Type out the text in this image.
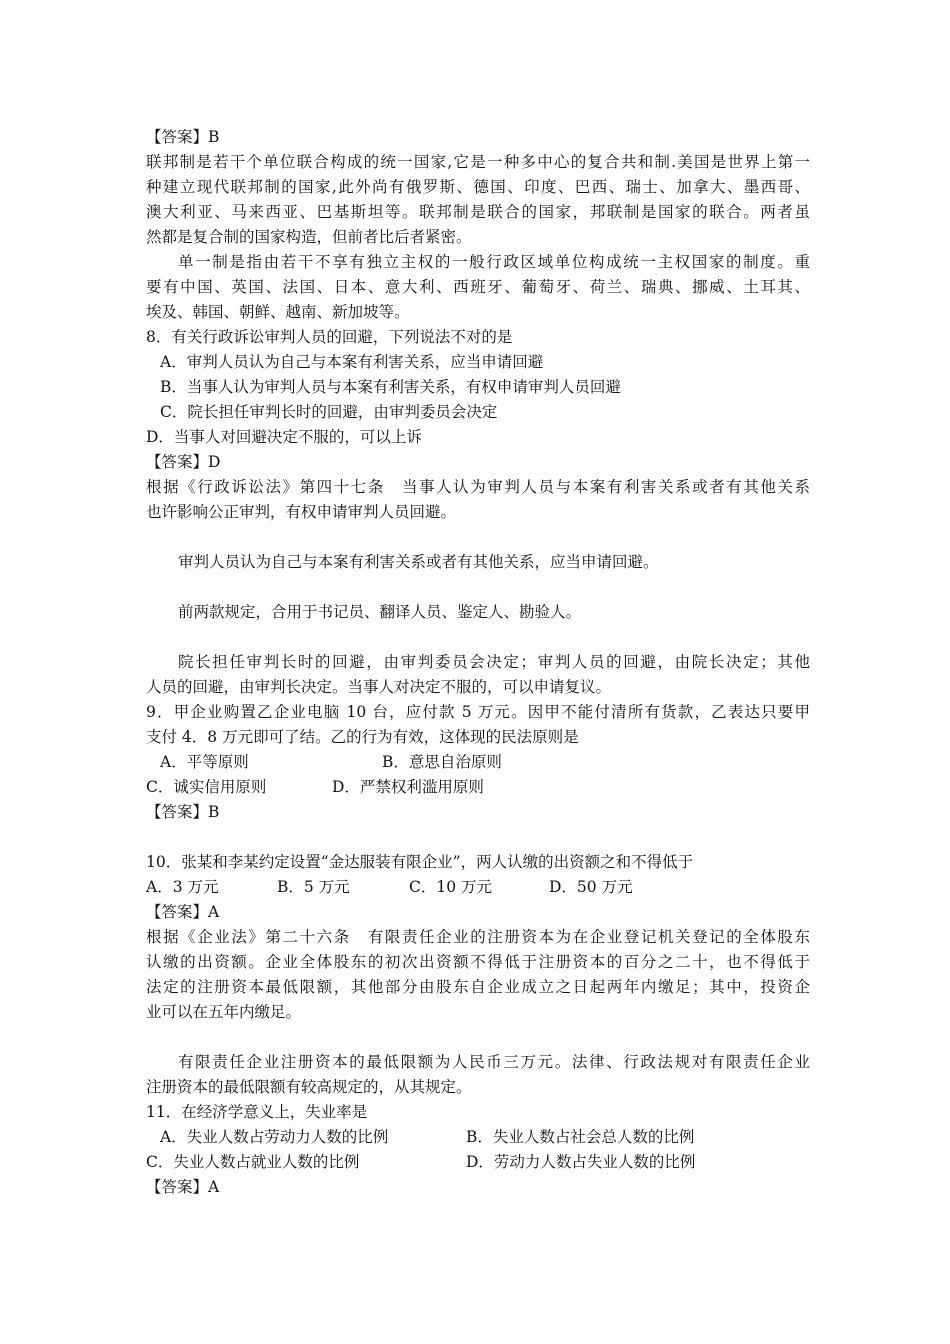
【答案】B
联邦制是若干个单位联合构成的统一国家,它是一种多中心的复合共和制.美国是世界上第一
种建立现代联邦制的国家,此外尚有俄罗斯、德国、印度、巴西、瑞士、加拿大、墨西哥、
澳大利亚、马来西亚、巴基斯坦等。联邦制是联合的国家，邦联制是国家的联合。两者虽
然都是复合制的国家构造，但前者比后者紧密。
单一制是指由若干不享有独立主权的一般行政区域单位构成统一主权国家的制度。重
要有中国、英国、法国、日本、意大利、西班牙、葡萄牙、荷兰、瑞典、挪威、土耳其、
埃及、韩国、朝鲜、越南、新加坡等。
8．有关行政诉讼审判人员的回避，下列说法不对的是
A．审判人员认为自己与本案有利害关系，应当申请回避
B．当事人认为审判人员与本案有利害关系，有权申请审判人员回避
C．院长担任审判长时的回避，由审判委员会决定
D．当事人对回避决定不服的，可以上诉
【答案】D
根据《行政诉讼法》第四十七条　当事人认为审判人员与本案有利害关系或者有其他关系
也许影响公正审判，有权申请审判人员回避。
审判人员认为自己与本案有利害关系或者有其他关系，应当申请回避。
前两款规定，合用于书记员、翻译人员、鉴定人、勘验人。
院长担任审判长时的回避，由审判委员会决定；审判人员的回避，由院长决定；其他
人员的回避，由审判长决定。当事人对决定不服的，可以申请复议。
9．甲企业购置乙企业电脑 10 台，应付款 5 万元。因甲不能付清所有货款，乙表达只要甲
支付 4．8 万元即可了结。乙的行为有效，这体现的民法原则是
A．平等原则	B．意思自治原则
C．诚实信用原则	D．严禁权利滥用原则
【答案】B
10．张某和李某约定设置“金达服装有限企业”，两人认缴的出资额之和不得低于
A．3 万元	B．5 万元	C．10 万元	D．50 万元
【答案】A
根据《企业法》第二十六条　有限责任企业的注册资本为在企业登记机关登记的全体股东
认缴的出资额。企业全体股东的初次出资额不得低于注册资本的百分之二十，也不得低于
法定的注册资本最低限额，其他部分由股东自企业成立之日起两年内缴足；其中，投资企
业可以在五年内缴足。
有限责任企业注册资本的最低限额为人民币三万元。法律、行政法规对有限责任企业
注册资本的最低限额有较高规定的，从其规定。
11．在经济学意义上，失业率是
A．失业人数占劳动力人数的比例	B．失业人数占社会总人数的比例
C．失业人数占就业人数的比例	D．劳动力人数占失业人数的比例
【答案】A
